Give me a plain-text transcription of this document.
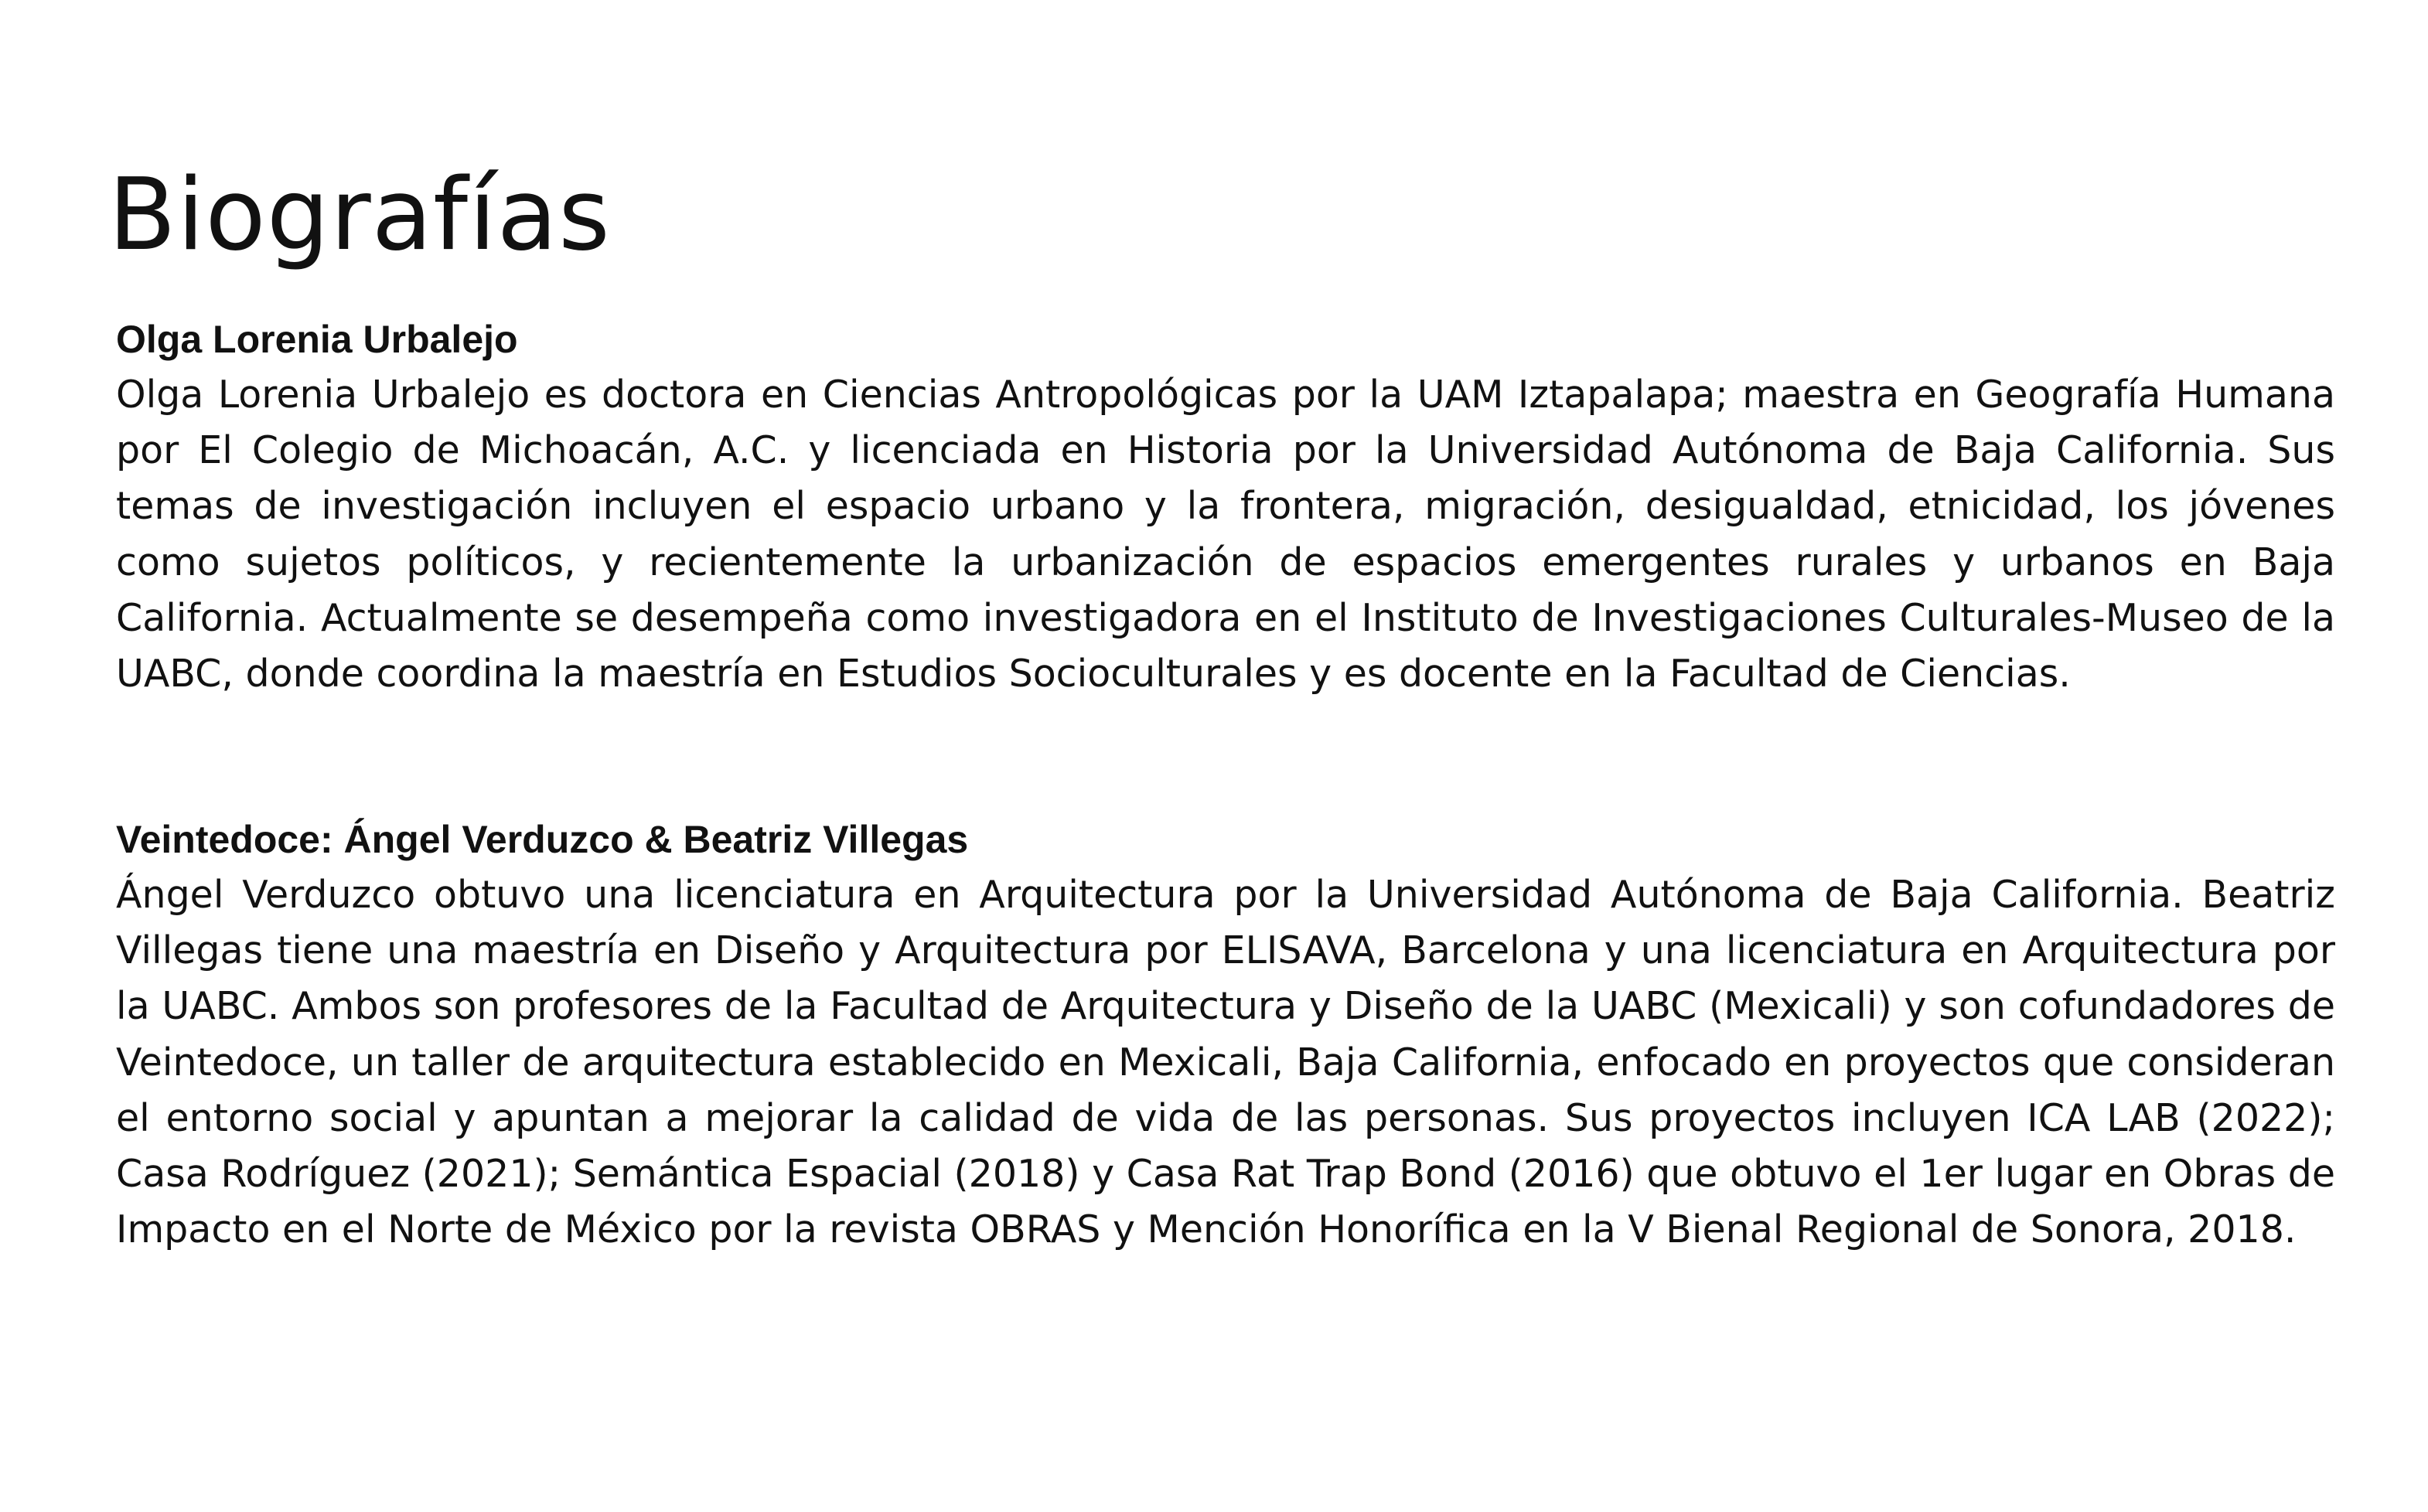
Biografías
Olga Lorenia Urbalejo

Olga Lorenia Urbalejo es doctora en Ciencias Antropológicas por la UAM Iztapalapa; maestra en Geografía Humana por El Colegio de Michoacán, A.C. y licenciada en Historia por la Universidad Autónoma de Baja California. Sus temas de investigación incluyen el espacio urbano y la frontera, migración, desigualdad, etnicidad, los jóvenes como sujetos políticos, y recientemente la urbanización de espacios emergentes rurales y urbanos en Baja California. Actualmente se desempeña como investigadora en el Instituto de Investigaciones Culturales-Museo de la UABC, donde coordina la maestría en Estudios Socioculturales y es docente en la Facultad de Ciencias.

Veintedoce: Ángel Verduzco & Beatriz Villegas

Ángel Verduzco obtuvo una licenciatura en Arquitectura por la Universidad Autónoma de Baja California. Beatriz Villegas tiene una maestría en Diseño y Arquitectura por ELISAVA, Barcelona y una licenciatura en Arquitectura por la UABC. Ambos son profesores de la Facultad de Arquitectura y Diseño de la UABC (Mexicali) y son cofundadores de Veintedoce, un taller de arquitectura establecido en Mexicali, Baja California, enfocado en proyectos que consideran el entorno social y apuntan a mejorar la calidad de vida de las personas. Sus proyectos incluyen ICA LAB (2022); Casa Rodríguez (2021); Semántica Espacial (2018) y Casa Rat Trap Bond (2016) que obtuvo el 1er lugar en Obras de Impacto en el Norte de México por la revista OBRAS y Mención Honorífica en la V Bienal Regional de Sonora, 2018.
